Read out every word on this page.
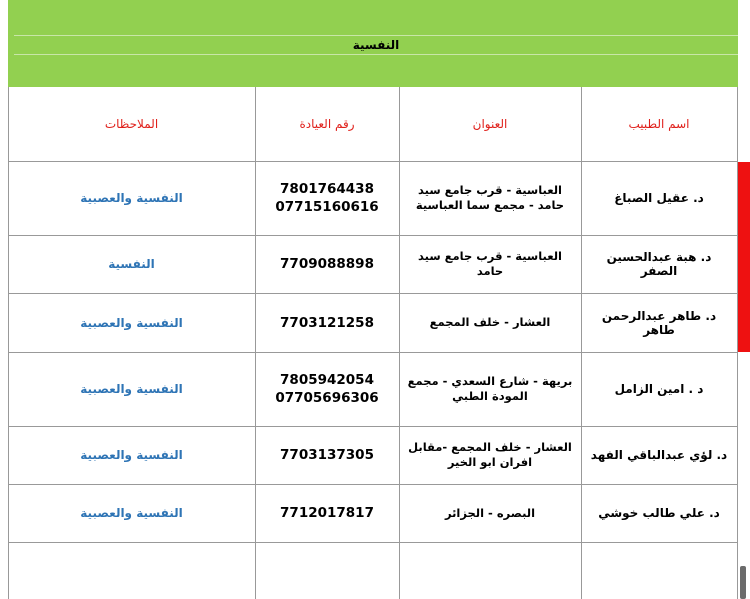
النفسية
اسم الطبيب
العنوان
رقم العيادة
الملاحظات
د. عقيل الصباغ
العباسية - قرب جامع سيد حامد - مجمع سما العباسية
7801764438
07715160616
النفسية والعصبية
د. هبة عبدالحسين الصفر
العباسية - قرب جامع سيد حامد
7709088898
النفسية
د. طاهر عبدالرحمن طاهر
العشار - خلف المجمع
7703121258
النفسية والعصبية
د . امين الزامل
بريهة - شارع السعدي - مجمع المودة الطبي
7805942054
07705696306
النفسية والعصبية
د. لؤي عبدالباقي الفهد
العشار - خلف المجمع -مقابل افران ابو الخير
7703137305
النفسية والعصبية
د. علي طالب خوشي
البصره - الجزائر
7712017817
النفسية والعصبية
